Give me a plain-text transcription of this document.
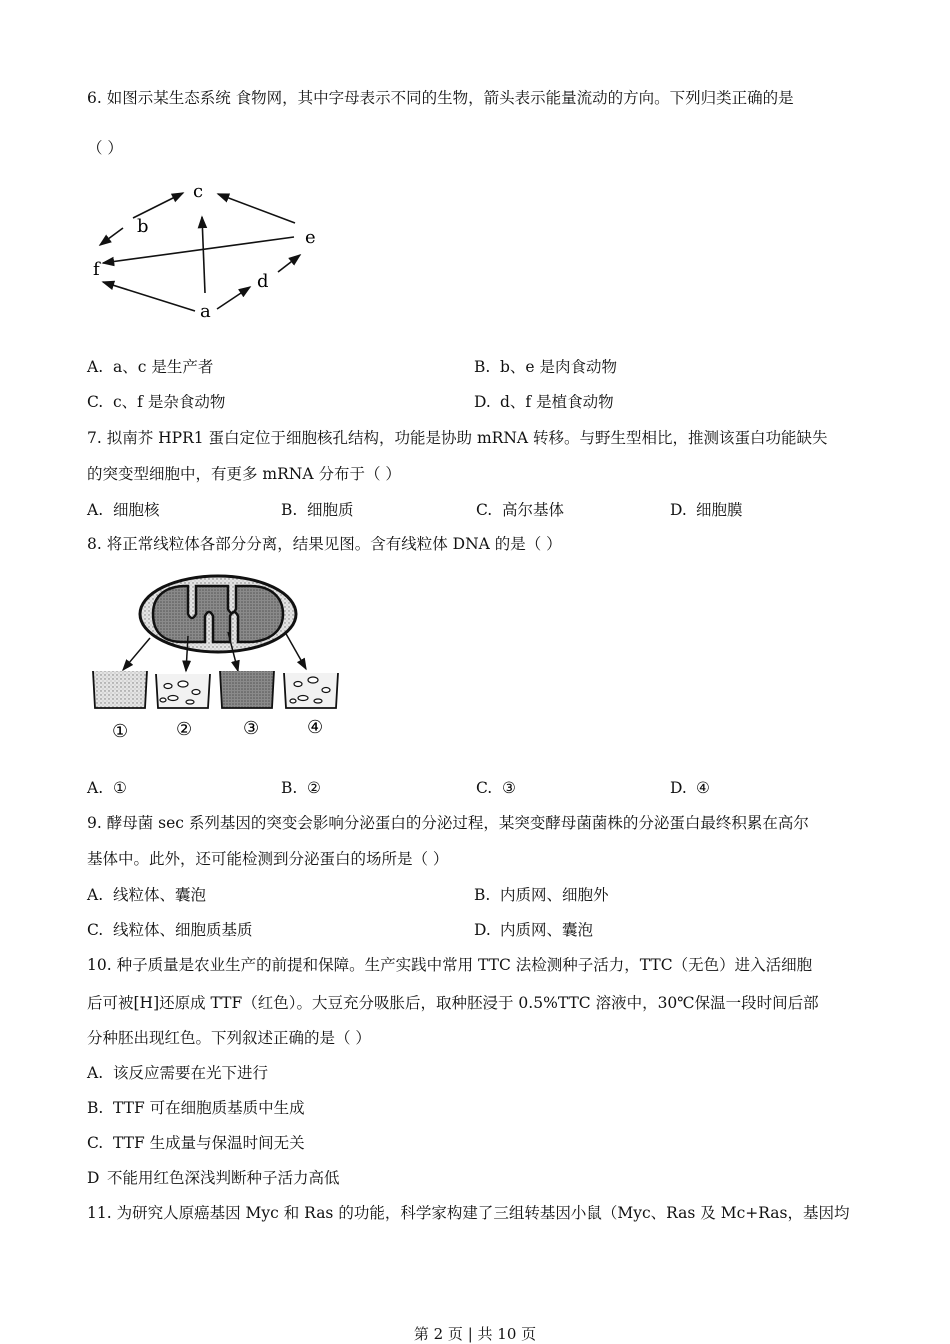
6. 如图示某生态系统 食物网，其中字母表示不同的生物，箭头表示能量流动的方向。下列归类正确的是
（ ）
c
b
e
f
d
a
A. a、c 是生产者	B. b、e 是肉食动物
C. c、f 是杂食动物	D. d、f 是植食动物
7. 拟南芥 HPR1 蛋白定位于细胞核孔结构，功能是协助 mRNA 转移。与野生型相比，推测该蛋白功能缺失
的突变型细胞中，有更多 mRNA 分布于（ ）
A. 细胞核	B. 细胞质	C. 高尔基体	D. 细胞膜
8. 将正常线粒体各部分分离，结果见图。含有线粒体 DNA 的是（ ）
①	②	③	④
A. ①	B. ②	C. ③	D. ④
9. 酵母菌 sec 系列基因的突变会影响分泌蛋白的分泌过程，某突变酵母菌菌株的分泌蛋白最终积累在高尔
基体中。此外，还可能检测到分泌蛋白的场所是（ ）
A. 线粒体、囊泡	B. 内质网、细胞外
C. 线粒体、细胞质基质	D. 内质网、囊泡
10. 种子质量是农业生产的前提和保障。生产实践中常用 TTC 法检测种子活力，TTC（无色）进入活细胞
后可被[H]还原成 TTF（红色）。大豆充分吸胀后，取种胚浸于 0.5%TTC 溶液中，30℃保温一段时间后部
分种胚出现红色。下列叙述正确的是（ ）
A. 该反应需要在光下进行
B. TTF 可在细胞质基质中生成
C. TTF 生成量与保温时间无关
D 不能用红色深浅判断种子活力高低
11. 为研究人原癌基因 Myc 和 Ras 的功能，科学家构建了三组转基因小鼠（Myc、Ras 及 Mc+Ras，基因均
第 2 页 | 共 10 页
